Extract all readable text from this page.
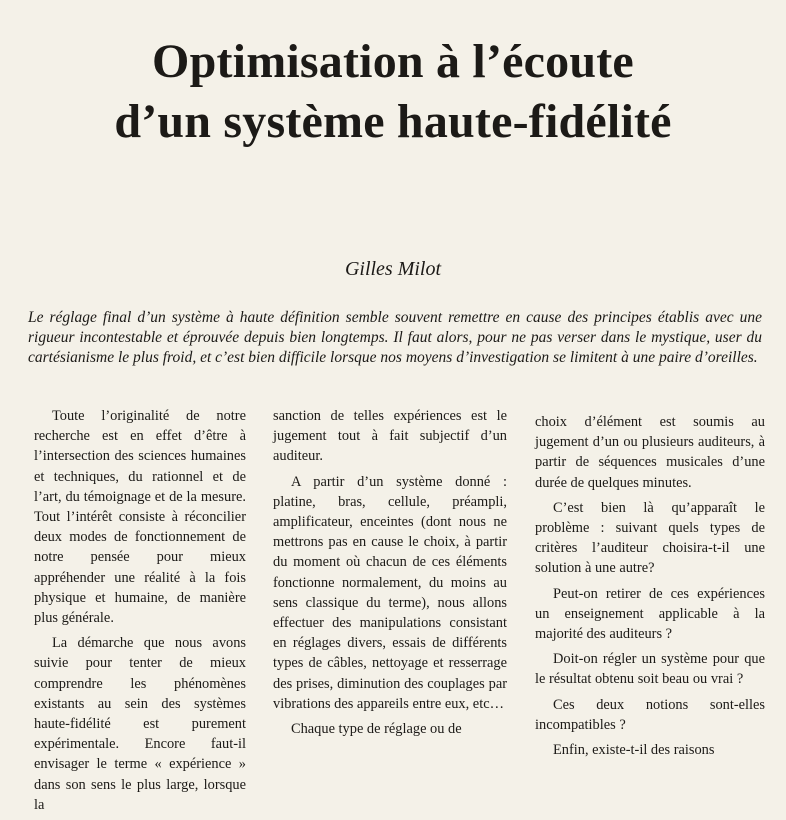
Optimisation à l’écoute
d’un système haute-fidélité
Gilles Milot
Le réglage final d’un système à haute définition semble souvent remettre en cause des principes établis avec une rigueur incontestable et éprouvée depuis bien longtemps. Il faut alors, pour ne pas verser dans le mystique, user du cartésianisme le plus froid, et c’est bien difficile lorsque nos moyens d’investigation se limitent à une paire d’oreilles.

Toute l’originalité de notre recherche est en effet d’être à l’intersection des sciences humaines et techniques, du rationnel et de l’art, du témoignage et de la mesure. Tout l’intérêt consiste à réconcilier deux modes de fonctionnement de notre pensée pour mieux appréhender une réalité à la fois physique et humaine, de manière plus générale.

La démarche que nous avons suivie pour tenter de mieux comprendre les phénomènes existants au sein des systèmes haute-fidélité est purement expérimentale. Encore faut-il envisager le terme « expérience » dans son sens le plus large, lorsque la

sanction de telles expériences est le jugement tout à fait subjectif d’un auditeur.

A partir d’un système donné : platine, bras, cellule, préampli, amplificateur, enceintes (dont nous ne mettrons pas en cause le choix, à partir du moment où chacun de ces éléments fonctionne normalement, du moins au sens classique du terme), nous allons effectuer des manipulations consistant en réglages divers, essais de différents types de câbles, nettoyage et resserrage des prises, diminution des couplages par vibrations des appareils entre eux, etc…

Chaque type de réglage ou de

choix d’élément est soumis au jugement d’un ou plusieurs auditeurs, à partir de séquences musicales d’une durée de quelques minutes.

C’est bien là qu’apparaît le problème : suivant quels types de critères l’auditeur choisira-t-il une solution à une autre?

Peut-on retirer de ces expériences un enseignement applicable à la majorité des auditeurs ?

Doit-on régler un système pour que le résultat obtenu soit beau ou vrai ?

Ces deux notions sont-elles incompatibles ?

Enfin, existe-t-il des raisons
